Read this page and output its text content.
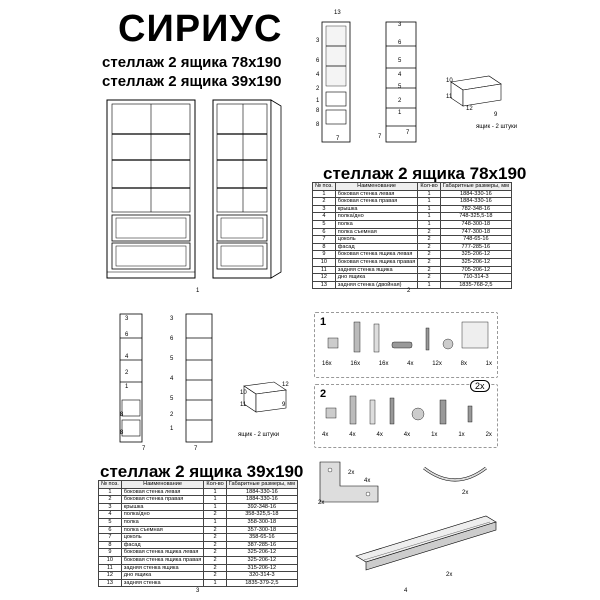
СИРИУС
стеллаж 2 ящика 78х190
стеллаж 2 ящика 39х190
1
13
3
6
4
2
1
8
8
7
3
6
5
4
5
2
1
7
7
10
11
12
9
ящик - 2 штуки
стеллаж 2 ящика 78х190
№ поз.	Наименование	Кол-во	Габаритные размеры, мм
1	боковая стенка левая	1	1884-330-16
2	боковая стенка правая	1	1884-330-16
3	крышка	1	782-348-16
4	полка/дно	1	748-325,5-18
5	полка	1	748-300-18
6	полка съемная	2	747-300-18
7	цоколь	2	748-65-16
8	фасад	2	777-285-16
9	боковая стенка ящика левая	2	325-206-12
10	боковая стенка ящика правая	2	325-206-12
11	задняя стенка ящика	2	705-206-12
12	дно ящика	2	710-314-3
13	задняя стенка (двойная)	1	1835-768-2,5
2
3
6
4
2
1
8
8
7
3
6
5
4
5
2
1
7
10
11
12
9
ящик - 2 штуки
стеллаж 2 ящика 39х190
№ поз.	Наименование	Кол-во	Габаритные размеры, мм
1	боковая стенка левая	1	1884-330-16
2	боковая стенка правая	1	1884-330-16
3	крышка	1	392-348-16
4	полка/дно	2	358-325,5-18
5	полка	1	358-300-18
6	полка съемная	2	357-300-18
7	цоколь	2	358-65-16
8	фасад	2	387-285-16
9	боковая стенка ящика левая	2	325-206-12
10	боковая стенка ящика правая	2	325-206-12
11	задняя стенка ящика	2	315-206-12
12	дно ящика	2	320-314-3
13	задняя стенка	1	1835-379-2,5
3
1
16x	16x	16x	4x	12x	8x	1x
2
2x
4x	4x	4x	4x	1x	1x	2x
2x
2x
4x
2x
2x
4
